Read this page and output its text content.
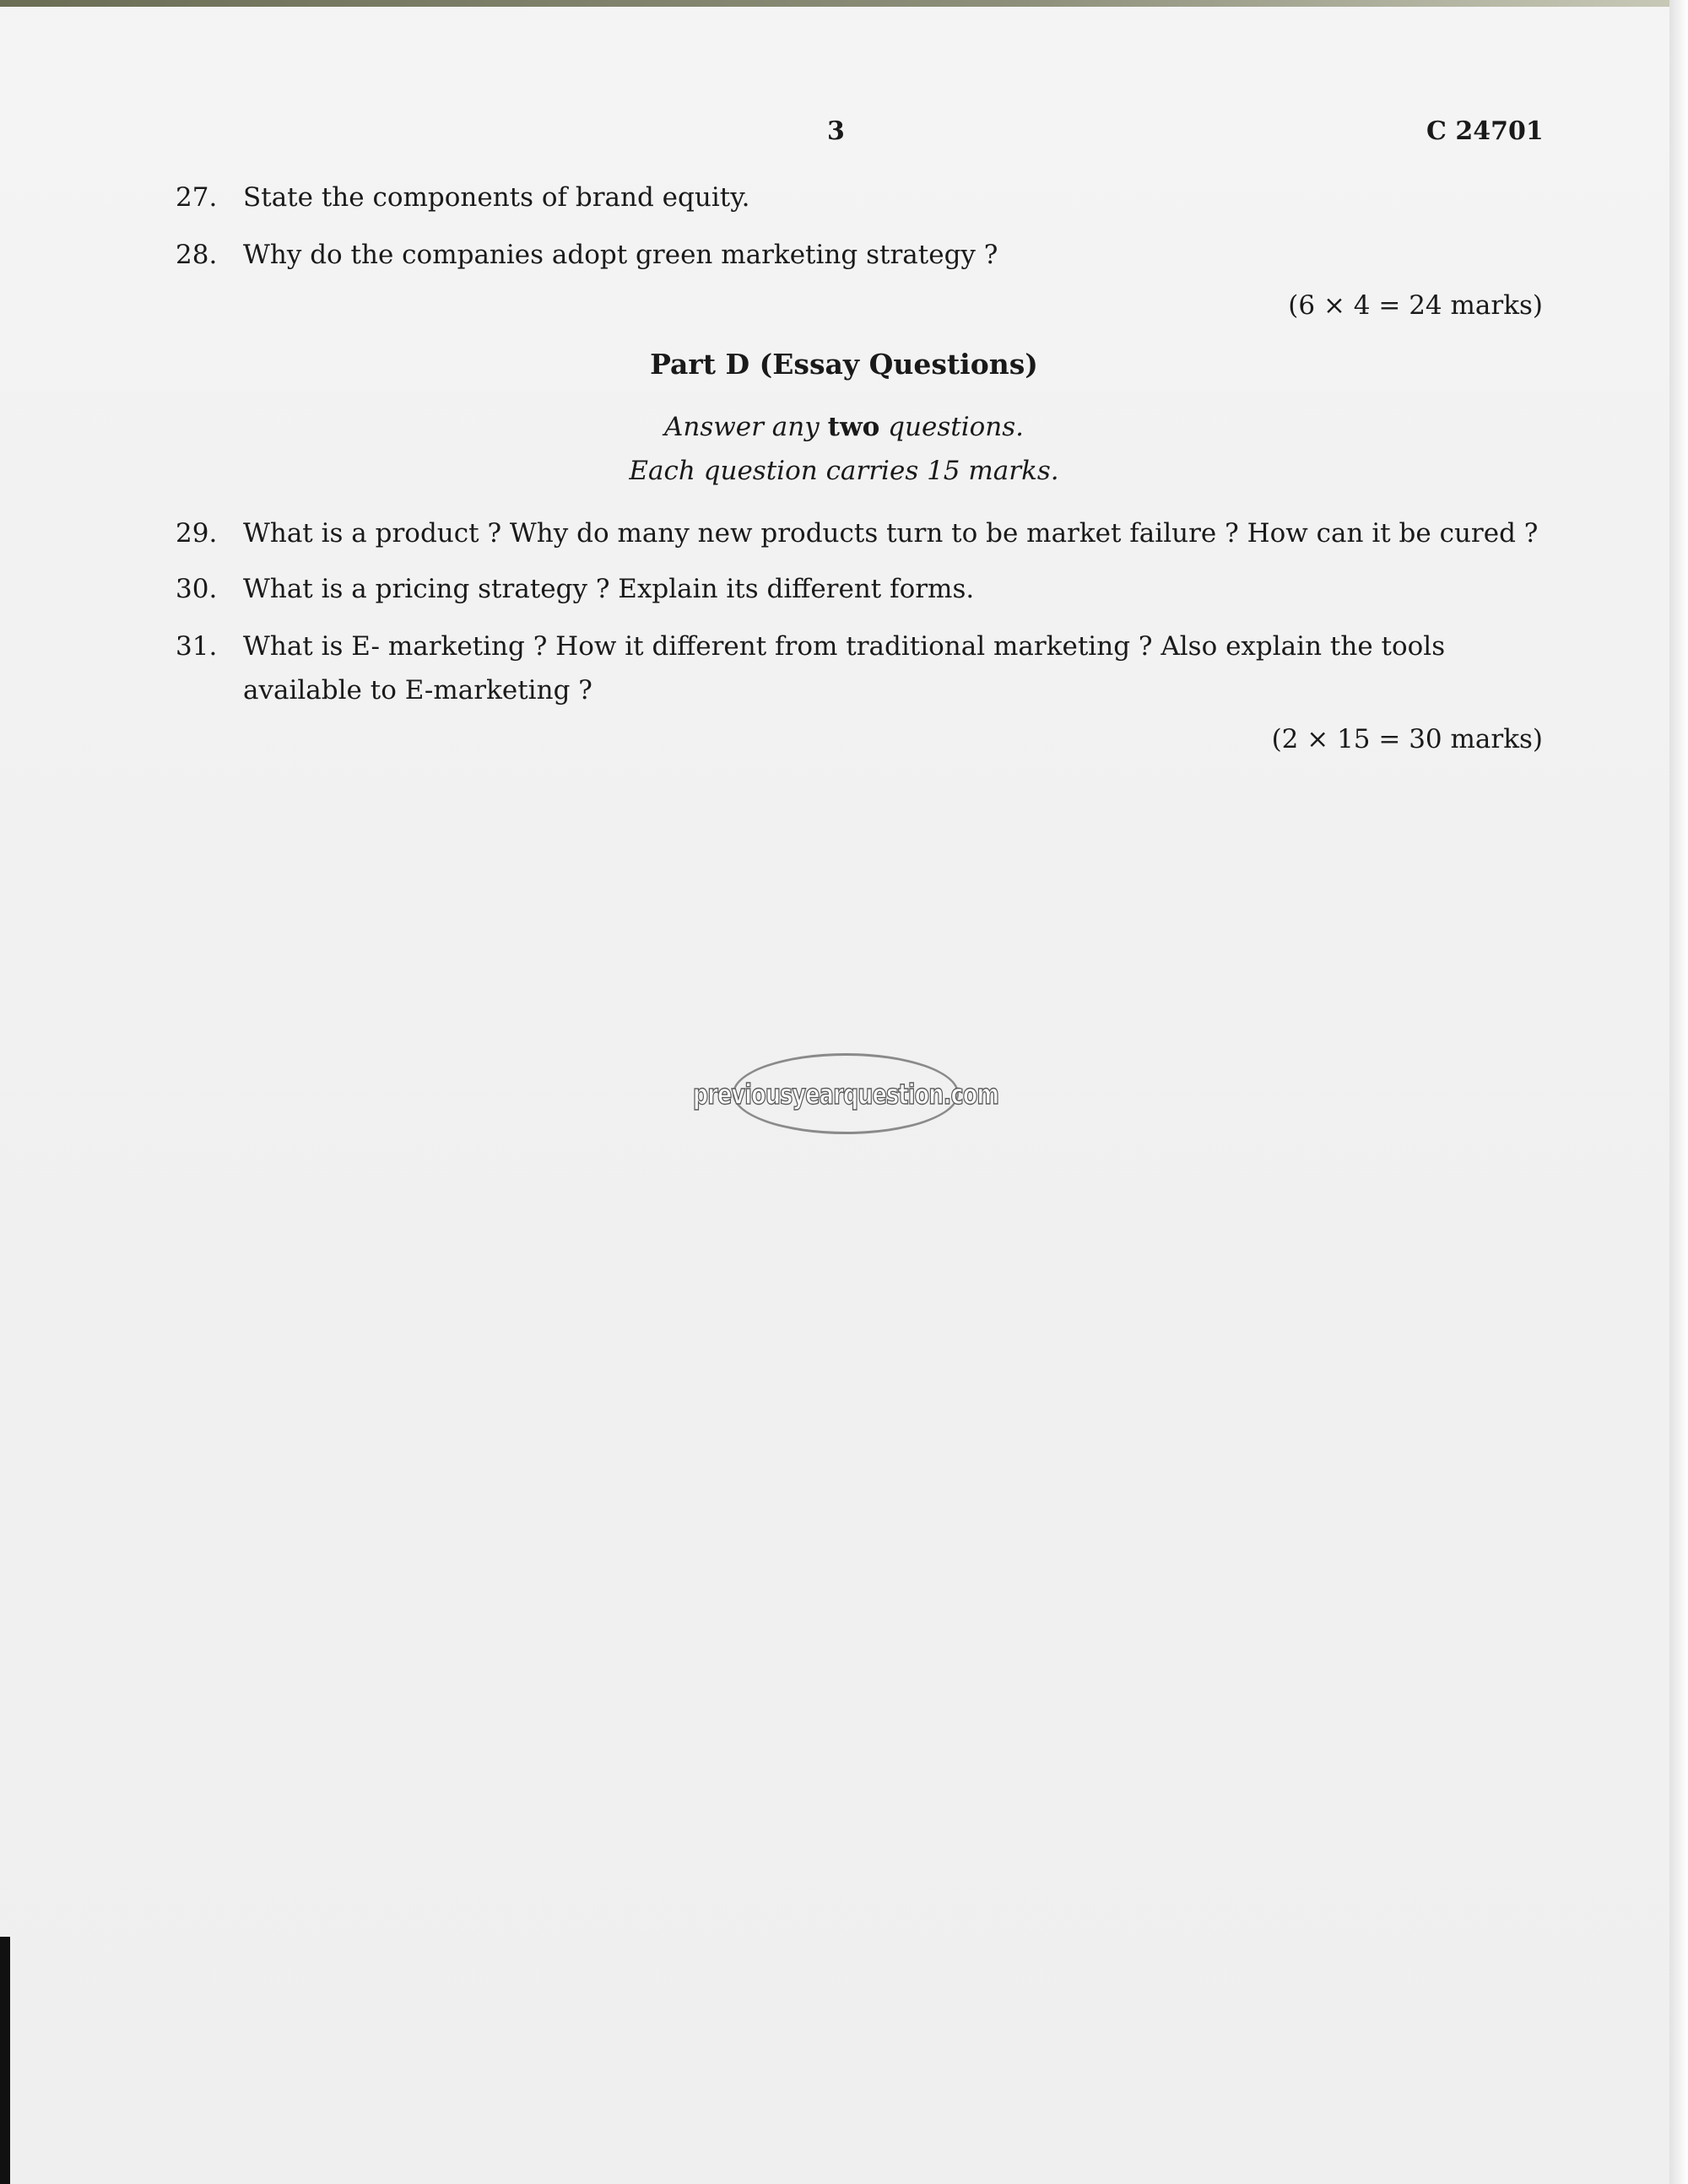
3	C 24701
27. State the components of brand equity.
28. Why do the companies adopt green marketing strategy ?
(6 × 4 = 24 marks)
Part D (Essay Questions)
Answer any two questions.
Each question carries 15 marks.
29. What is a product ? Why do many new products turn to be market failure ? How can it be cured ?
30. What is a pricing strategy ? Explain its different forms.
31. What is E- marketing ? How it different from traditional marketing ? Also explain the tools available to E-marketing ?
(2 × 15 = 30 marks)
previousyearquestion.com
